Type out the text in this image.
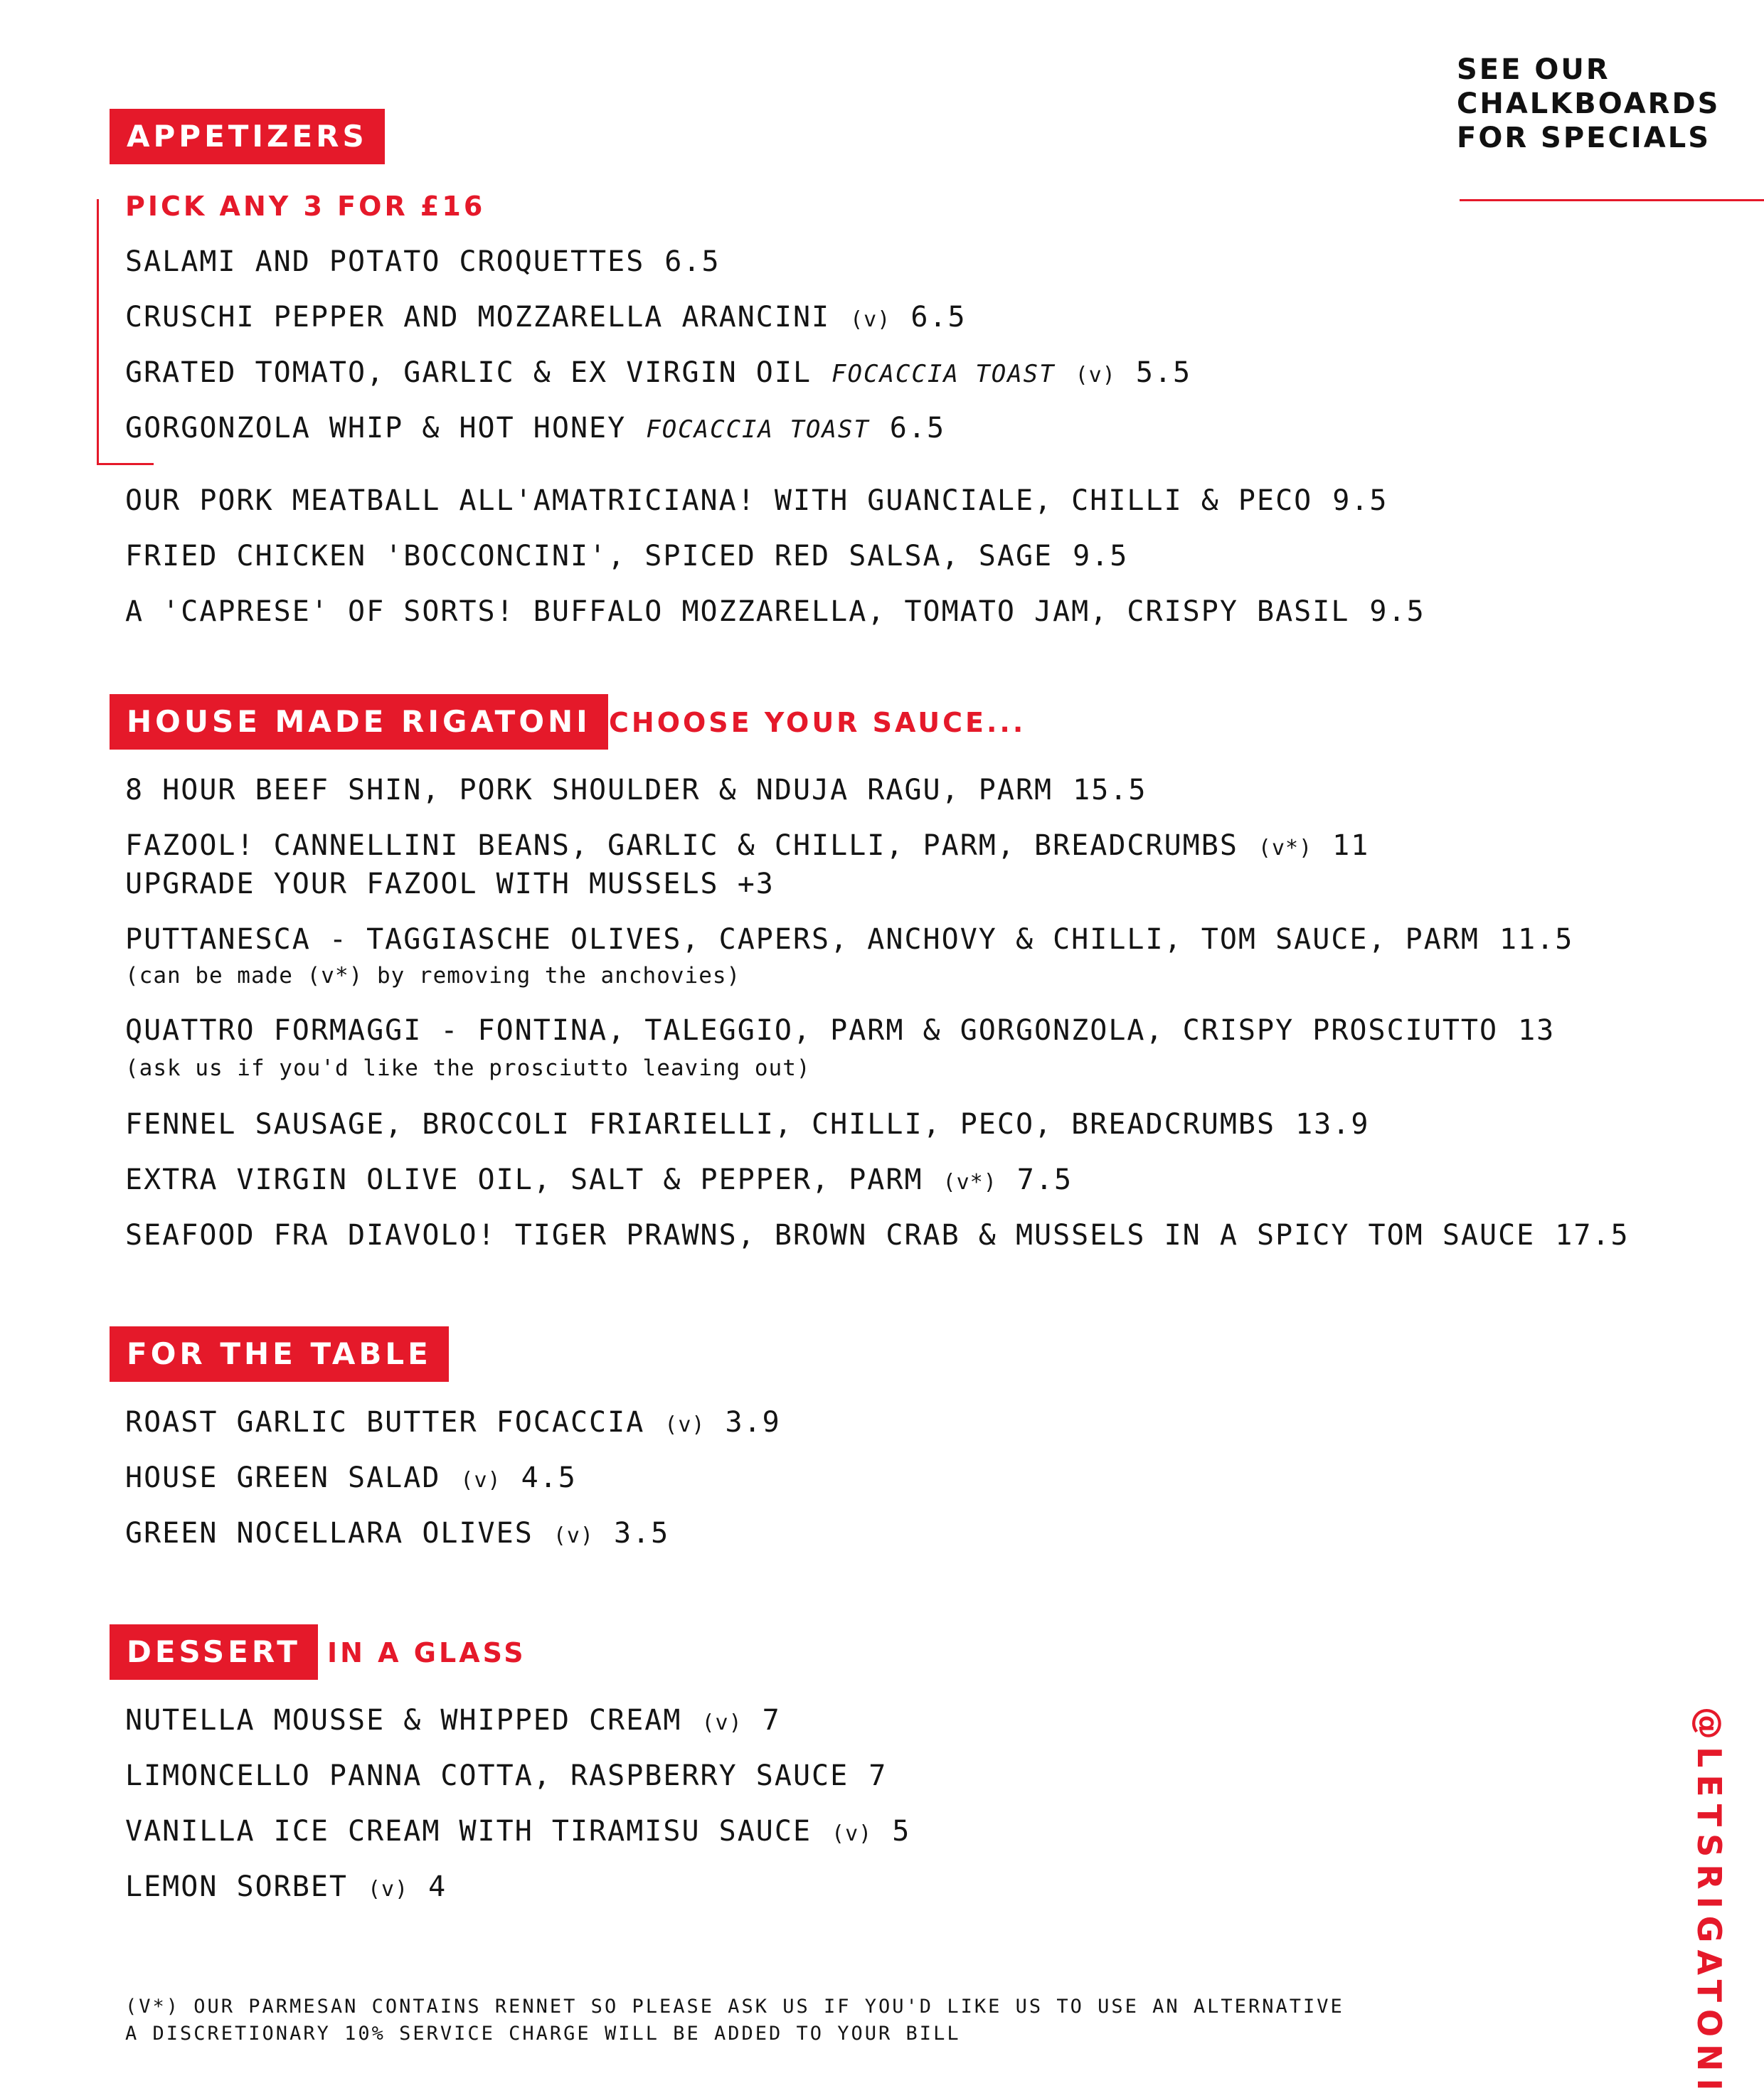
SEE OUR
CHALKBOARDS
FOR SPECIALS
APPETIZERS
PICK ANY 3 FOR £16
SALAMI AND POTATO CROQUETTES 6.5
CRUSCHI PEPPER AND MOZZARELLA ARANCINI (v) 6.5
GRATED TOMATO, GARLIC & EX VIRGIN OIL FOCACCIA TOAST (v) 5.5
GORGONZOLA WHIP & HOT HONEY FOCACCIA TOAST 6.5
OUR PORK MEATBALL ALL'AMATRICIANA! WITH GUANCIALE, CHILLI & PECO 9.5
FRIED CHICKEN 'BOCCONCINI', SPICED RED SALSA, SAGE 9.5
A 'CAPRESE' OF SORTS! BUFFALO MOZZARELLA, TOMATO JAM, CRISPY BASIL 9.5
HOUSE MADE RIGATONI CHOOSE YOUR SAUCE...
8 HOUR BEEF SHIN, PORK SHOULDER & NDUJA RAGU, PARM 15.5
FAZOOL! CANNELLINI BEANS, GARLIC & CHILLI, PARM, BREADCRUMBS (v*) 11
UPGRADE YOUR FAZOOL WITH MUSSELS +3
PUTTANESCA - TAGGIASCHE OLIVES, CAPERS, ANCHOVY & CHILLI, TOM SAUCE, PARM 11.5
(can be made (v*) by removing the anchovies)
QUATTRO FORMAGGI - FONTINA, TALEGGIO, PARM & GORGONZOLA, CRISPY PROSCIUTTO 13
(ask us if you'd like the prosciutto leaving out)
FENNEL SAUSAGE, BROCCOLI FRIARIELLI, CHILLI, PECO, BREADCRUMBS 13.9
EXTRA VIRGIN OLIVE OIL, SALT & PEPPER, PARM (v*) 7.5
SEAFOOD FRA DIAVOLO! TIGER PRAWNS, BROWN CRAB & MUSSELS IN A SPICY TOM SAUCE 17.5
FOR THE TABLE
ROAST GARLIC BUTTER FOCACCIA (v) 3.9
HOUSE GREEN SALAD (v) 4.5
GREEN NOCELLARA OLIVES (v) 3.5
DESSERT IN A GLASS
NUTELLA MOUSSE & WHIPPED CREAM (v) 7
LIMONCELLO PANNA COTTA, RASPBERRY SAUCE 7
VANILLA ICE CREAM WITH TIRAMISU SAUCE (v) 5
LEMON SORBET (v) 4
(V*) OUR PARMESAN CONTAINS RENNET SO PLEASE ASK US IF YOU'D LIKE US TO USE AN ALTERNATIVE
A DISCRETIONARY 10% SERVICE CHARGE WILL BE ADDED TO YOUR BILL	@LETSRIGATONI
